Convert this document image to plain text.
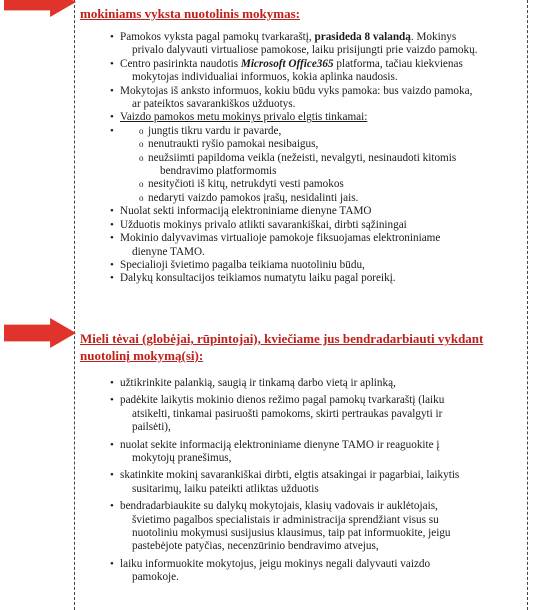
mokiniams vyksta nuotolinis mokymas:

• Pamokos vyksta pagal pamokų tvarkaraštį, prasideda 8 valandą. Mokinys
privalo dalyvauti virtualiose pamokose, laiku prisijungti prie vaizdo pamokų.
• Centro pasirinkta naudotis Microsoft Office365 platforma, tačiau kiekvienas
mokytojas individualiai informuos, kokia aplinka naudosis.
• Mokytojas iš anksto informuos, kokiu būdu vyks pamoka: bus vaizdo pamoka,
ar pateiktos savarankiškos užduotys.
• Vaizdo pamokos metu mokinys privalo elgtis tinkamai:
o • jungtis tikru vardu ir pavarde,
o nenutraukti ryšio pamokai nesibaigus,
o neužsiimti papildoma veikla (nežeisti, nevalgyti, nesinaudoti kitomis
bendravimo platformomis
o nesityčioti iš kitų, netrukdyti vesti pamokos
o nedaryti vaizdo pamokos įrašų, nesidalinti jais.
• Nuolat sekti informaciją elektroniniame dienyne TAMO
• Užduotis mokinys privalo atlikti savarankiškai, dirbti sąžiningai
• Mokinio dalyvavimas virtualioje pamokoje fiksuojamas elektroniniame
dienyne TAMO.
• Specialioji švietimo pagalba teikiama nuotoliniu būdu,
• Dalykų konsultacijos teikiamos numatytu laiku pagal poreikį.

Mieli tėvai (globėjai, rūpintojai), kviečiame jus bendradarbiauti vykdant
nuotolinį mokymą(si):

• užtikrinkite palankią, saugią ir tinkamą darbo vietą ir aplinką,
• padėkite laikytis mokinio dienos režimo pagal pamokų tvarkaraštį (laiku
atsikelti, tinkamai pasiruošti pamokoms, skirti pertraukas pavalgyti ir
pailsėti),
• nuolat sekite informaciją elektroniniame dienyne TAMO ir reaguokite į
mokytojų pranešimus,
• skatinkite mokinį savarankiškai dirbti, elgtis atsakingai ir pagarbiai, laikytis
susitarimų, laiku pateikti atliktas užduotis
• bendradarbiaukite su dalykų mokytojais, klasių vadovais ir auklėtojais,
švietimo pagalbos specialistais ir administracija sprendžiant visus su
nuotoliniu mokymusi susijusius klausimus, taip pat informuokite, jeigu
pastebėjote patyčias, necenzūrinio bendravimo atvejus,
• laiku informuokite mokytojus, jeigu mokinys negali dalyvauti vaizdo
pamokoje.
